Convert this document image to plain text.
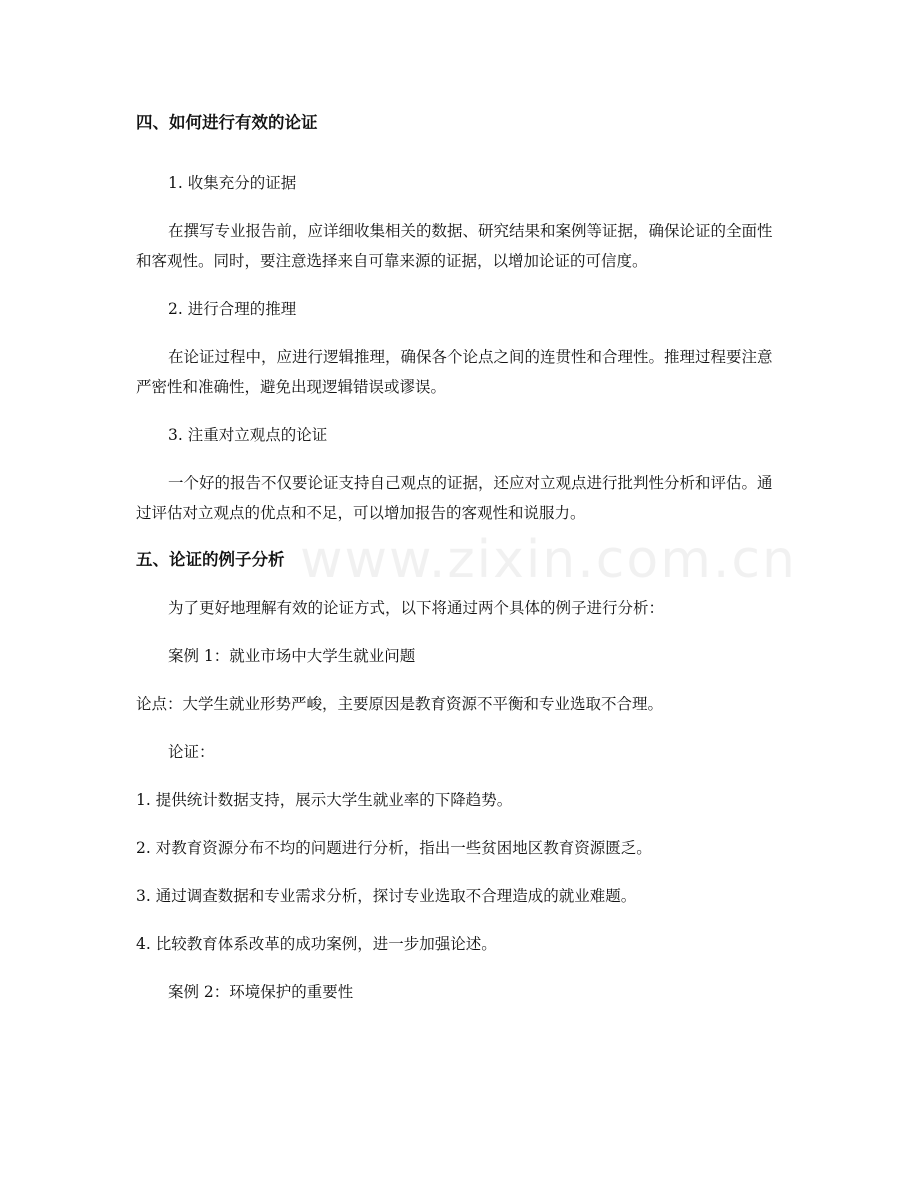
www.zixin.com.cn
四、如何进行有效的论证

1. 收集充分的证据

在撰写专业报告前，应详细收集相关的数据、研究结果和案例等证据，确保论证的全面性和客观性。同时，要注意选择来自可靠来源的证据，以增加论证的可信度。

2. 进行合理的推理

在论证过程中，应进行逻辑推理，确保各个论点之间的连贯性和合理性。推理过程要注意严密性和准确性，避免出现逻辑错误或谬误。

3. 注重对立观点的论证

一个好的报告不仅要论证支持自己观点的证据，还应对立观点进行批判性分析和评估。通过评估对立观点的优点和不足，可以增加报告的客观性和说服力。

五、论证的例子分析

为了更好地理解有效的论证方式，以下将通过两个具体的例子进行分析：

案例 1：就业市场中大学生就业问题

论点：大学生就业形势严峻，主要原因是教育资源不平衡和专业选取不合理。

论证：

1. 提供统计数据支持，展示大学生就业率的下降趋势。

2. 对教育资源分布不均的问题进行分析，指出一些贫困地区教育资源匮乏。

3. 通过调查数据和专业需求分析，探讨专业选取不合理造成的就业难题。

4. 比较教育体系改革的成功案例，进一步加强论述。

案例 2：环境保护的重要性
